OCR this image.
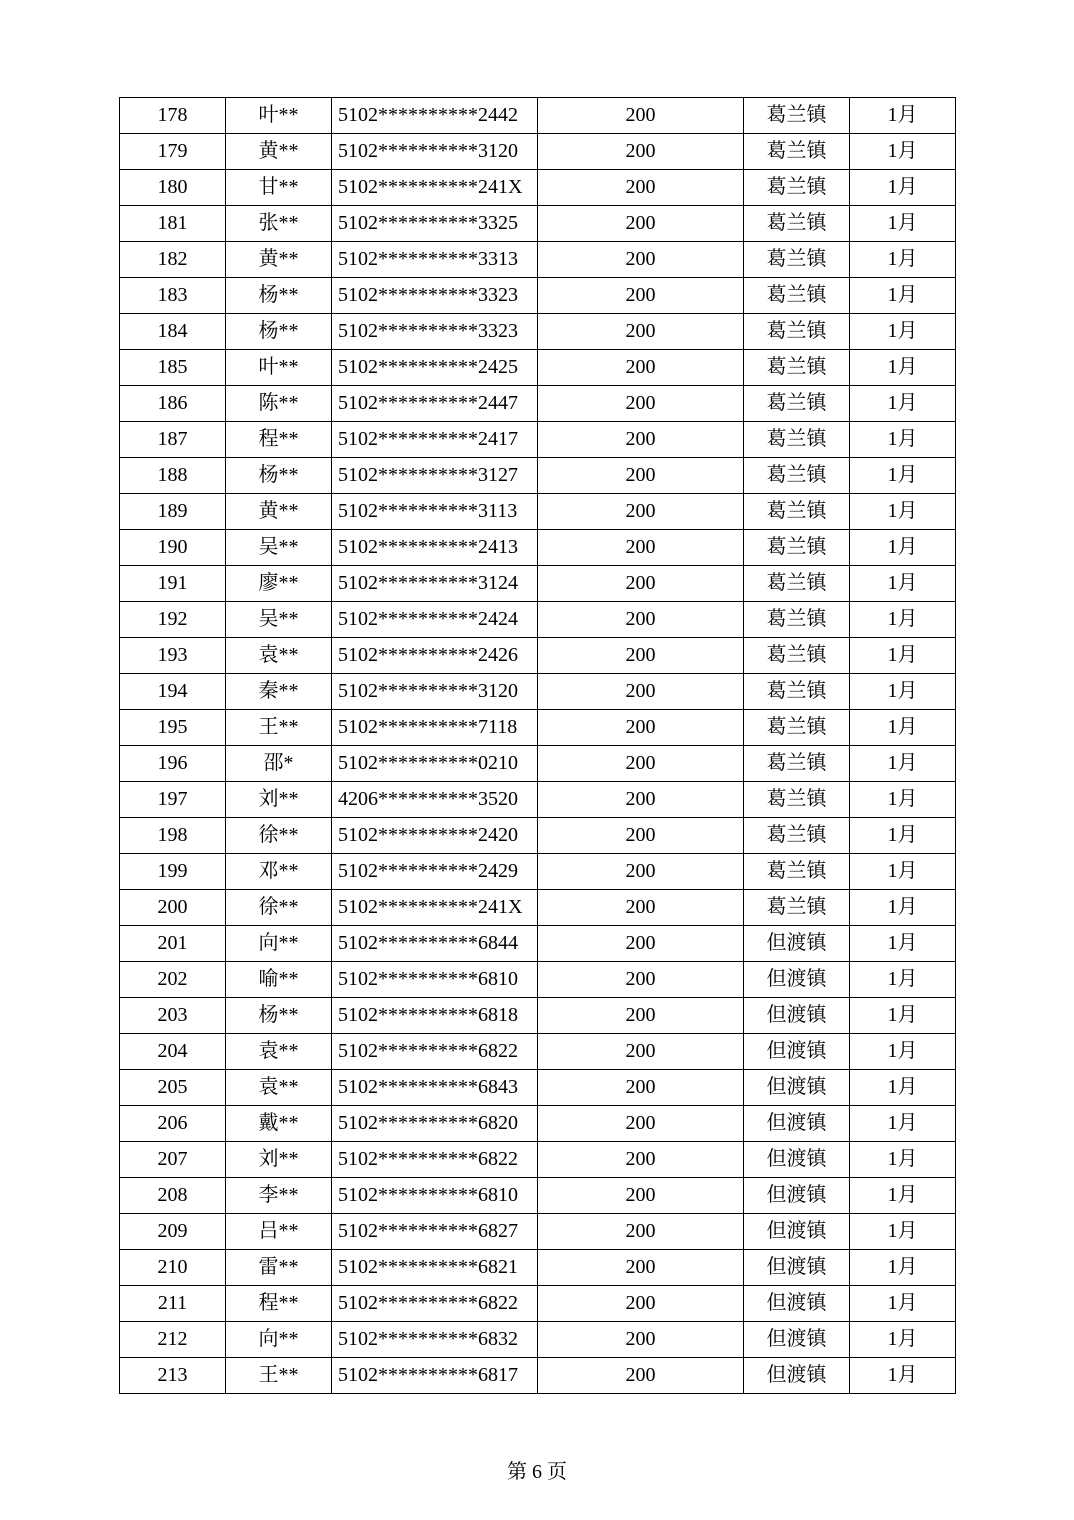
178	叶**	5102**********2442	200	葛兰镇	1月
179	黄**	5102**********3120	200	葛兰镇	1月
180	甘**	5102**********241X	200	葛兰镇	1月
181	张**	5102**********3325	200	葛兰镇	1月
182	黄**	5102**********3313	200	葛兰镇	1月
183	杨**	5102**********3323	200	葛兰镇	1月
184	杨**	5102**********3323	200	葛兰镇	1月
185	叶**	5102**********2425	200	葛兰镇	1月
186	陈**	5102**********2447	200	葛兰镇	1月
187	程**	5102**********2417	200	葛兰镇	1月
188	杨**	5102**********3127	200	葛兰镇	1月
189	黄**	5102**********3113	200	葛兰镇	1月
190	吴**	5102**********2413	200	葛兰镇	1月
191	廖**	5102**********3124	200	葛兰镇	1月
192	吴**	5102**********2424	200	葛兰镇	1月
193	袁**	5102**********2426	200	葛兰镇	1月
194	秦**	5102**********3120	200	葛兰镇	1月
195	王**	5102**********7118	200	葛兰镇	1月
196	邵*	5102**********0210	200	葛兰镇	1月
197	刘**	4206**********3520	200	葛兰镇	1月
198	徐**	5102**********2420	200	葛兰镇	1月
199	邓**	5102**********2429	200	葛兰镇	1月
200	徐**	5102**********241X	200	葛兰镇	1月
201	向**	5102**********6844	200	但渡镇	1月
202	喻**	5102**********6810	200	但渡镇	1月
203	杨**	5102**********6818	200	但渡镇	1月
204	袁**	5102**********6822	200	但渡镇	1月
205	袁**	5102**********6843	200	但渡镇	1月
206	戴**	5102**********6820	200	但渡镇	1月
207	刘**	5102**********6822	200	但渡镇	1月
208	李**	5102**********6810	200	但渡镇	1月
209	吕**	5102**********6827	200	但渡镇	1月
210	雷**	5102**********6821	200	但渡镇	1月
211	程**	5102**********6822	200	但渡镇	1月
212	向**	5102**********6832	200	但渡镇	1月
213	王**	5102**********6817	200	但渡镇	1月
第 6 页
